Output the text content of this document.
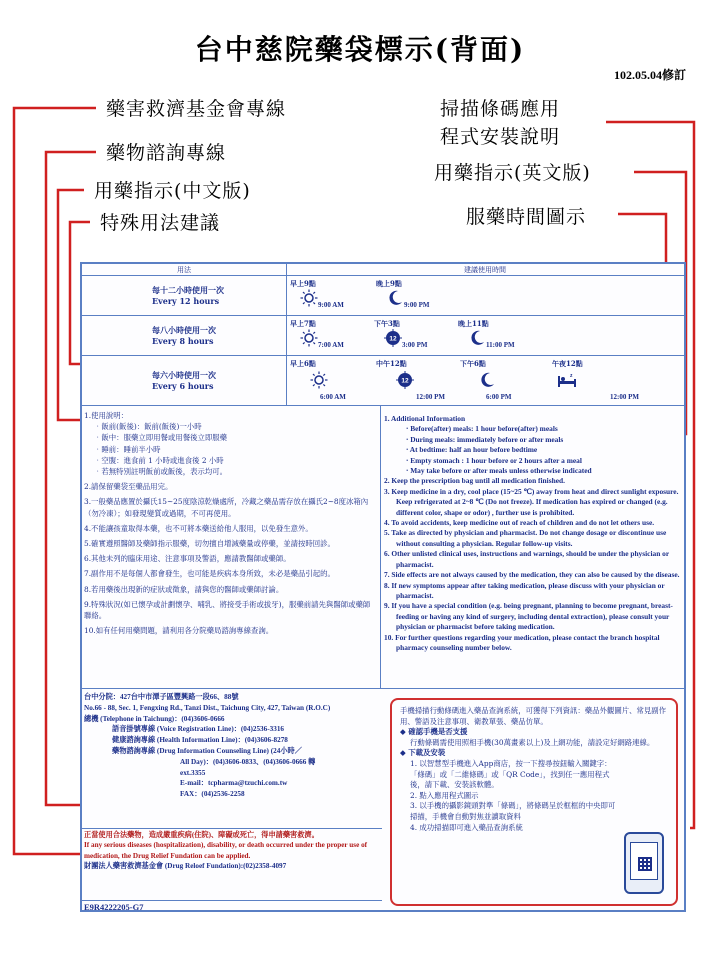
台中慈院藥袋標示(背面)
102.05.04修訂
藥害救濟基金會專線
藥物諮詢專線
用藥指示(中文版)
特殊用法建議
掃描條碼應用
程式安裝說明
用藥指示(英文版)
服藥時間圖示
用法	建議使用時間
每十二小時使用一次
Every 12 hours
早上9點
9:00 AM
晚上9點
9:00 PM
每八小時使用一次
Every 8 hours
早上7點
7:00 AM
下午3點
12
3:00 PM
晚上11點
11:00 PM
每六小時使用一次
Every 6 hours
早上6點
6:00 AM
中午12點
12
12:00 PM
下午6點
6:00 PM
午夜12點
z
12:00 PM
1.使用說明：
‧飯前(飯後)：飯前(飯後)一小時
‧飯中：服藥立即用餐或用餐後立即服藥
‧睡前：睡前半小時
‧空腹：進食前 1 小時或進食後 2 小時
‧若無特別註明飯前或飯後，表示均可。
2.請保留藥袋至藥品用完。
3.一般藥品應置於攝氏15~25度陰涼乾燥處所，冷藏之藥品需存放在攝氏2~8度冰箱內（勿冷凍）；如發現變質或過期，不可再使用。
4.不能讓孩童取得本藥，也不可將本藥送給他人服用，以免發生意外。
5.確實遵照醫師及藥師指示服藥，切勿擅自增減藥量或停藥，並請按時回診。
6.其他未列的臨床用途、注意事項及警語，應請教醫師或藥師。
7.副作用不是每個人都會發生，也可能是疾病本身所致，未必是藥品引起的。
8.若用藥後出現新的症狀或徵象，請與您的醫師或藥師討論。
9.特殊狀況(如已懷孕或計劃懷孕、哺乳、將接受手術或拔牙)，服藥前請先與醫師或藥師聯絡。
10.如有任何用藥問題，請利用各分院藥局諮詢專線查詢。
1. Additional Information
‧ Before(after) meals: 1 hour before(after) meals
‧ During meals: immediately before or after meals
‧ At bedtime: half an hour before bedtime
‧ Empty stomach : 1 hour before or 2 hours after a meal
‧ May take before or after meals unless otherwise indicated
2. Keep the prescription bag until all medication finished.
3. Keep medicine in a dry, cool place (15~25 ℃) away from heat and direct sunlight exposure. Keep refrigerated at 2~8 ℃ (Do not freeze). If medication has expired or changed (e.g. different color, shape or odor) , further use is prohibited.
4. To avoid accidents, keep medicine out of reach of children and do not let others use.
5. Take as directed by physician and pharmacist. Do not change dosage or discontinue use without consulting a physician. Regular follow-up visits.
6. Other unlisted clinical uses, instructions and warnings, should be under the physician or pharmacist.
7. Side effects are not always caused by the medication, they can also be caused by the disease.
8. If new symptoms appear after taking medication, please discuss with your physician or pharmacist.
9. If you have a special condition (e.g. being pregnant, planning to become pregnant, breast-feeding or having any kind of surgery, including dental extraction), please consult your physician or pharmacist before taking medication.
10. For further questions regarding your medication, please contact the branch hospital pharmacy counseling number below.
台中分院：427台中市潭子區豐興路一段66、88號
No.66 - 88, Sec. 1, Fengxing Rd., Tanzi Dist., Taichung City, 427, Taiwan (R.O.C)
總機 (Telephone in Taichung)：(04)3606-0666
語音掛號專線 (Voice Registration Line)：(04)2536-3316
健康諮詢專線 (Health Information Line)：(04)3606-8278
藥物諮詢專線 (Drug Information Counseling Line) (24小時／
All Day)：(04)3606-0833、(04)3606-0666 轉
ext.3355
E-mail：tcpharma@tzuchi.com.tw
FAX：(04)2536-2258
正當使用合法藥物，造成嚴重疾病(住院)、障礙或死亡，得申請藥害救濟。
If any serious diseases (hospitalization), disability, or death occurred under the proper use of medication, the Drug Relief Fundation can be applied.
財團法人藥害救濟基金會 (Drug Reloef Fundation):(02)2358-4097
E9R4222205-G7
手機掃描行動條碼進入藥品查詢系統，可獲得下列資訊：藥品外觀圖片、常見副作用、警語及注意事項、衛教單張、藥品仿單。
◆ 確認手機是否支援
行動條碼需使用照相手機(30萬畫素以上)及上網功能，請設定好網路連線。
◆ 下載及安裝
1. 以智慧型手機進入App商店，按一下搜尋按鈕輸入關鍵字：「條碼」或「二維條碼」或「QR Code」，找到任一應用程式後，請下載、安裝該軟體。
2. 點入應用程式圖示
3. 以手機的攝影鏡頭對準「條碼」，將條碼呈於框框的中央即可掃描，手機會自動對焦並讀取資料
4. 成功掃描即可進入藥品查詢系統
